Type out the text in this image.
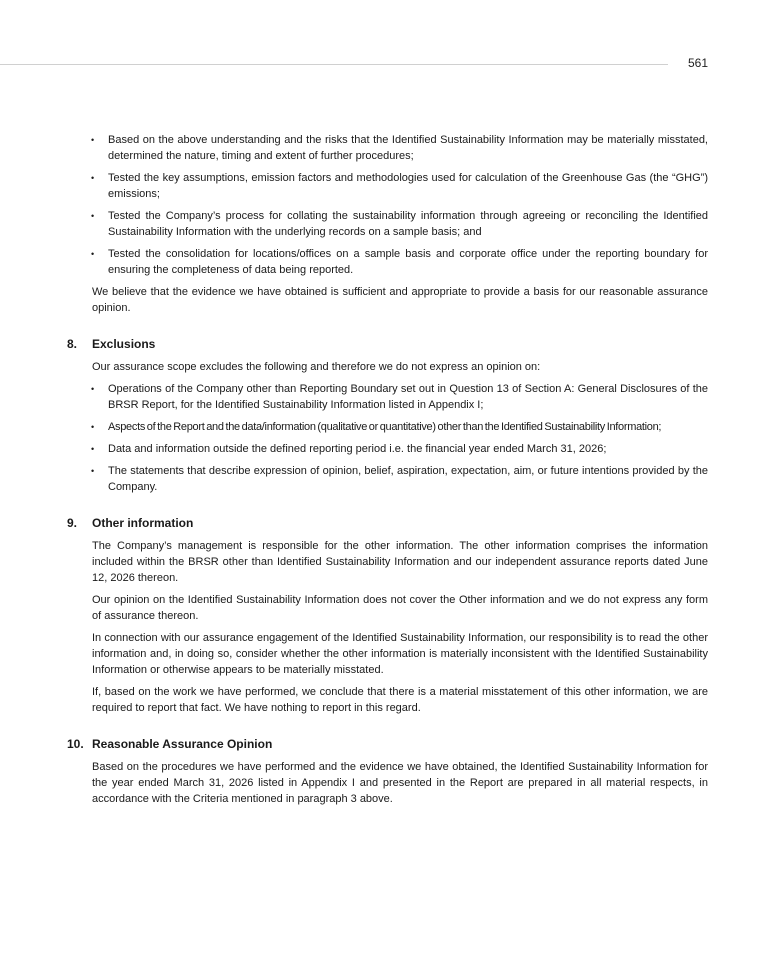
561
• Based on the above understanding and the risks that the Identified Sustainability Information may be materially misstated, determined the nature, timing and extent of further procedures;
• Tested the key assumptions, emission factors and methodologies used for calculation of the Greenhouse Gas (the “GHG”) emissions;
• Tested the Company’s process for collating the sustainability information through agreeing or reconciling the Identified Sustainability Information with the underlying records on a sample basis; and
• Tested the consolidation for locations/offices on a sample basis and corporate office under the reporting boundary for ensuring the completeness of data being reported.

We believe that the evidence we have obtained is sufficient and appropriate to provide a basis for our reasonable assurance opinion.

8.	Exclusions

Our assurance scope excludes the following and therefore we do not express an opinion on:

• Operations of the Company other than Reporting Boundary set out in Question 13 of Section A: General Disclosures of the BRSR Report, for the Identified Sustainability Information listed in Appendix I;
• Aspects of the Report and the data/information (qualitative or quantitative) other than the Identified Sustainability Information;
• Data and information outside the defined reporting period i.e. the financial year ended March 31, 2026;
• The statements that describe expression of opinion, belief, aspiration, expectation, aim, or future intentions provided by the Company.
9.	Other information

The Company’s management is responsible for the other information. The other information comprises the information included within the BRSR other than Identified Sustainability Information and our independent assurance reports dated June 12, 2026 thereon.

Our opinion on the Identified Sustainability Information does not cover the Other information and we do not express any form of assurance thereon.

In connection with our assurance engagement of the Identified Sustainability Information, our responsibility is to read the other information and, in doing so, consider whether the other information is materially inconsistent with the Identified Sustainability Information or otherwise appears to be materially misstated.

If, based on the work we have performed, we conclude that there is a material misstatement of this other information, we are required to report that fact. We have nothing to report in this regard.

10. Reasonable Assurance Opinion

Based on the procedures we have performed and the evidence we have obtained, the Identified Sustainability Information for the year ended March 31, 2026 listed in Appendix I and presented in the Report are prepared in all material respects, in accordance with the Criteria mentioned in paragraph 3 above.
